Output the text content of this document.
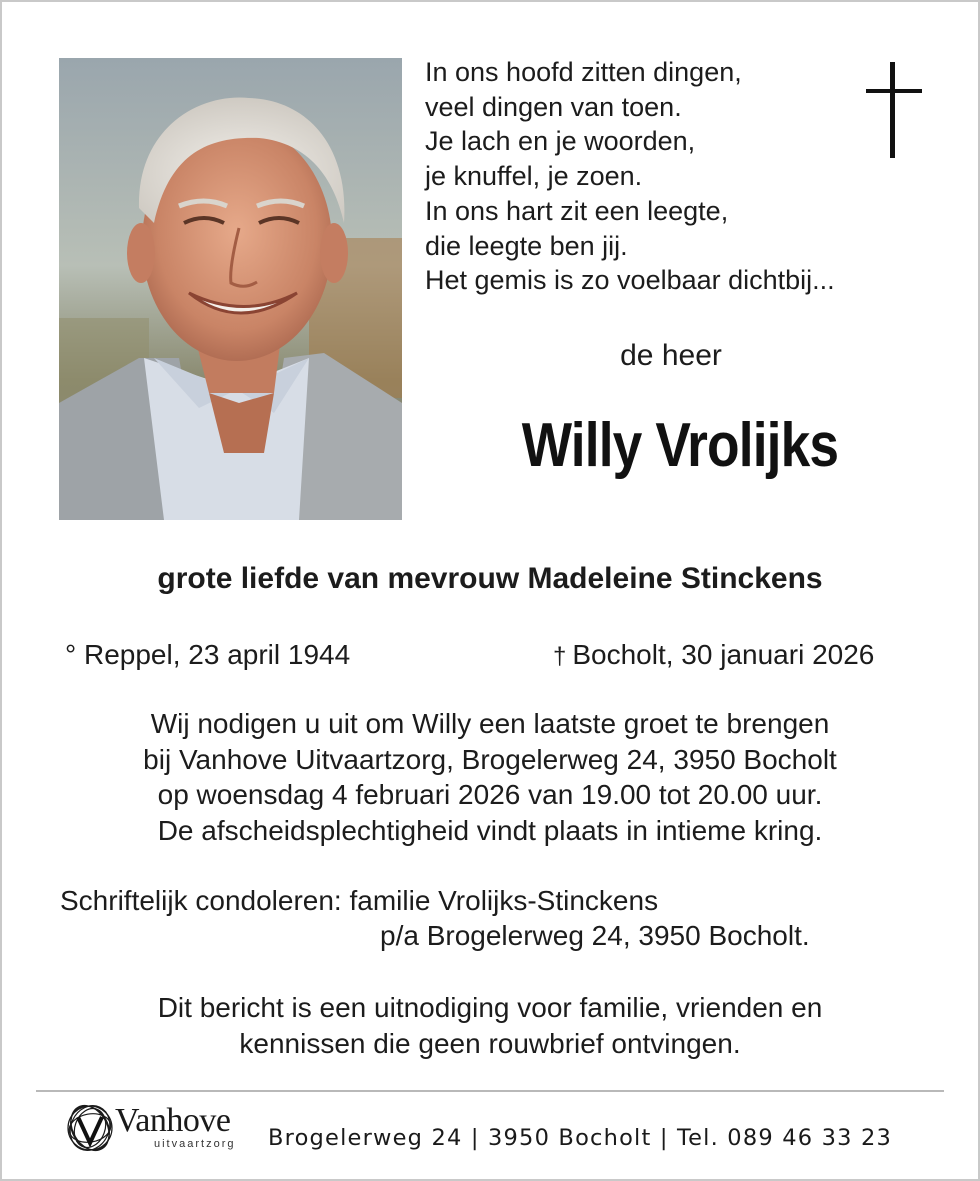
In ons hoofd zitten dingen,
veel dingen van toen.
Je lach en je woorden,
je knuffel, je zoen.
In ons hart zit een leegte,
die leegte ben jij.
Het gemis is zo voelbaar dichtbij...
de heer
Willy Vrolijks
grote liefde van mevrouw Madeleine Stinckens
° Reppel, 23 april 1944	† Bocholt, 30 januari 2026
Wij nodigen u uit om Willy een laatste groet te brengen
bij Vanhove Uitvaartzorg, Brogelerweg 24, 3950 Bocholt
op woensdag 4 februari 2026 van 19.00 tot 20.00 uur.
De afscheidsplechtigheid vindt plaats in intieme kring.
Schriftelijk condoleren: familie Vrolijks-Stinckens
p/a Brogelerweg 24, 3950 Bocholt.
Dit bericht is een uitnodiging voor familie, vrienden en
kennissen die geen rouwbrief ontvingen.
Vanhove
uitvaartzorg Brogelerweg 24 | 3950 Bocholt | Tel. 089 46 33 23
